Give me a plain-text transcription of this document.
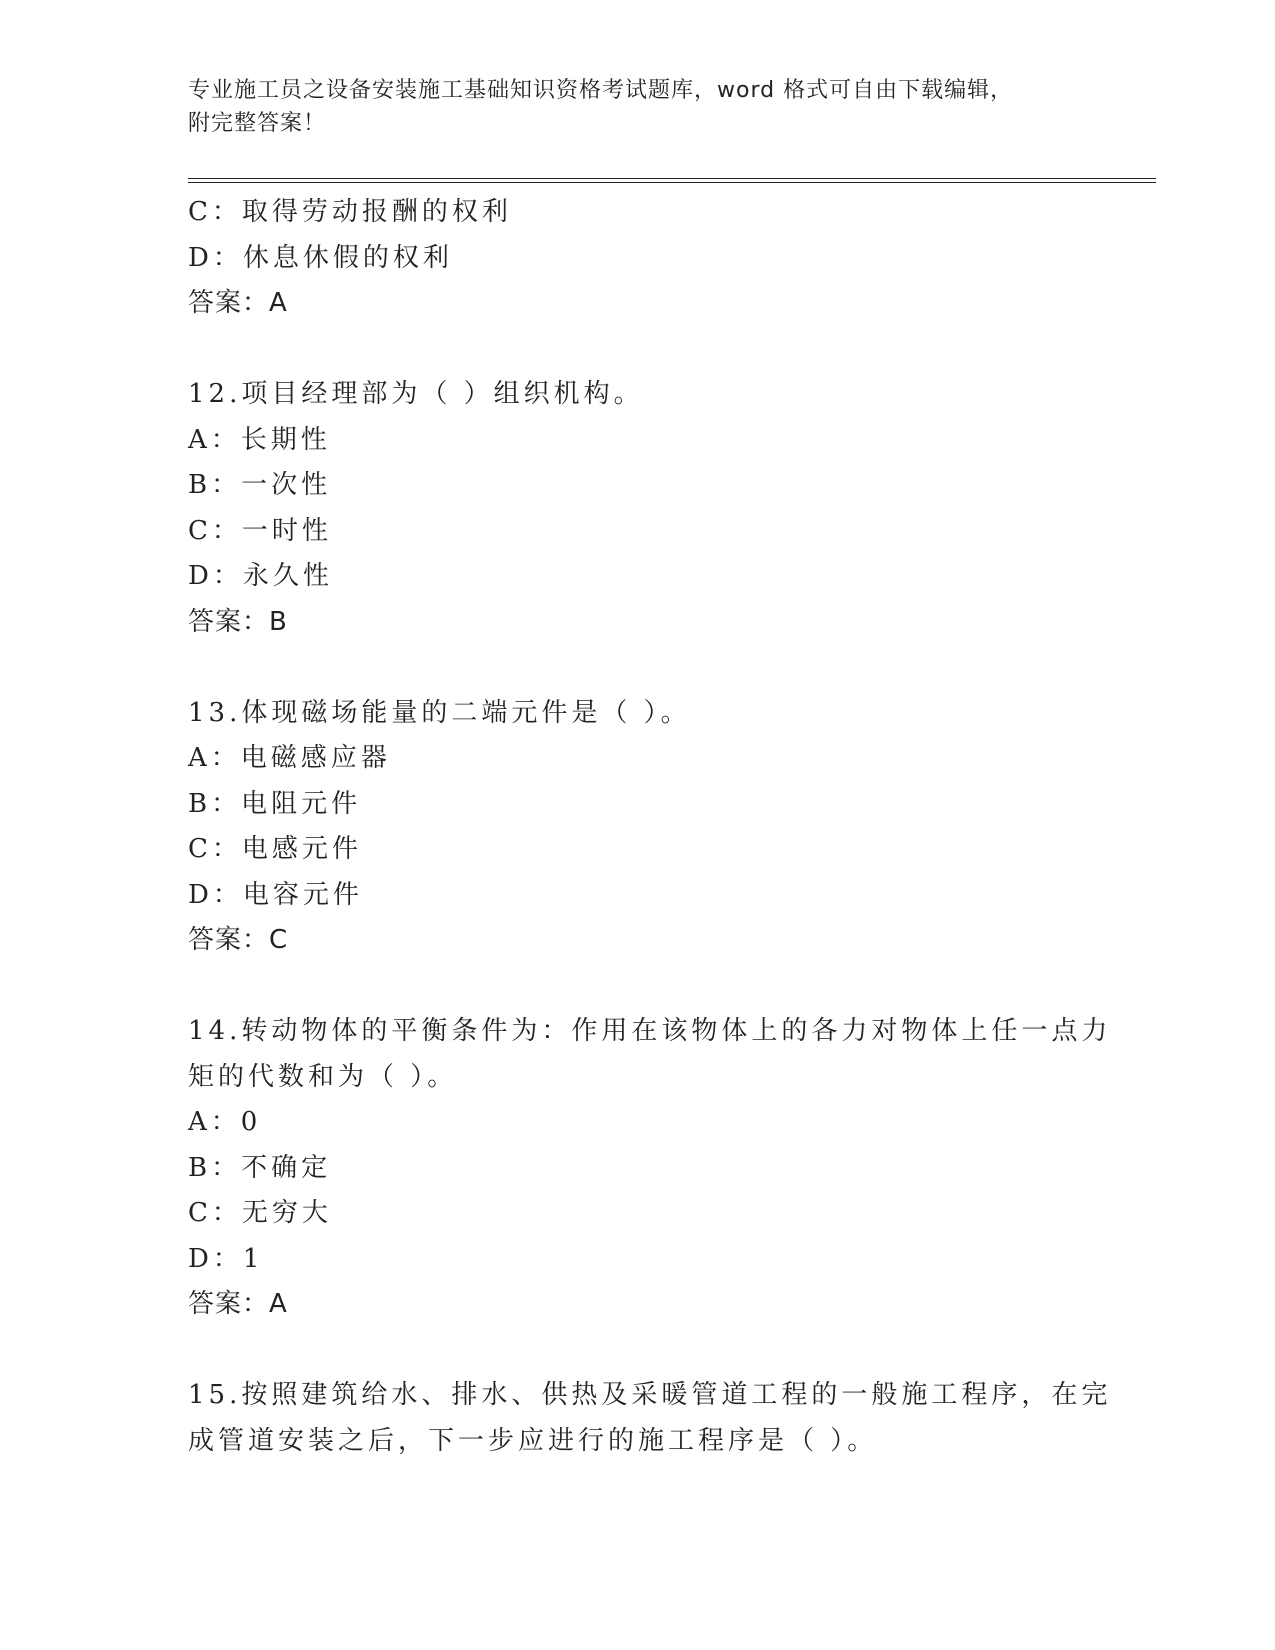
专业施工员之设备安装施工基础知识资格考试题库，word 格式可自由下载编辑，
附完整答案！
C：取得劳动报酬的权利
D：休息休假的权利
答案：A
12.项目经理部为（ ）组织机构。
A：长期性
B：一次性
C：一时性
D：永久性
答案：B
13.体现磁场能量的二端元件是（ ）。
A：电磁感应器
B：电阻元件
C：电感元件
D：电容元件
答案：C
14.转动物体的平衡条件为：作用在该物体上的各力对物体上任一点力
矩的代数和为（ ）。
A：0
B：不确定
C：无穷大
D：1
答案：A
15.按照建筑给水、排水、供热及采暖管道工程的一般施工程序，在完
成管道安装之后，下一步应进行的施工程序是（ ）。
